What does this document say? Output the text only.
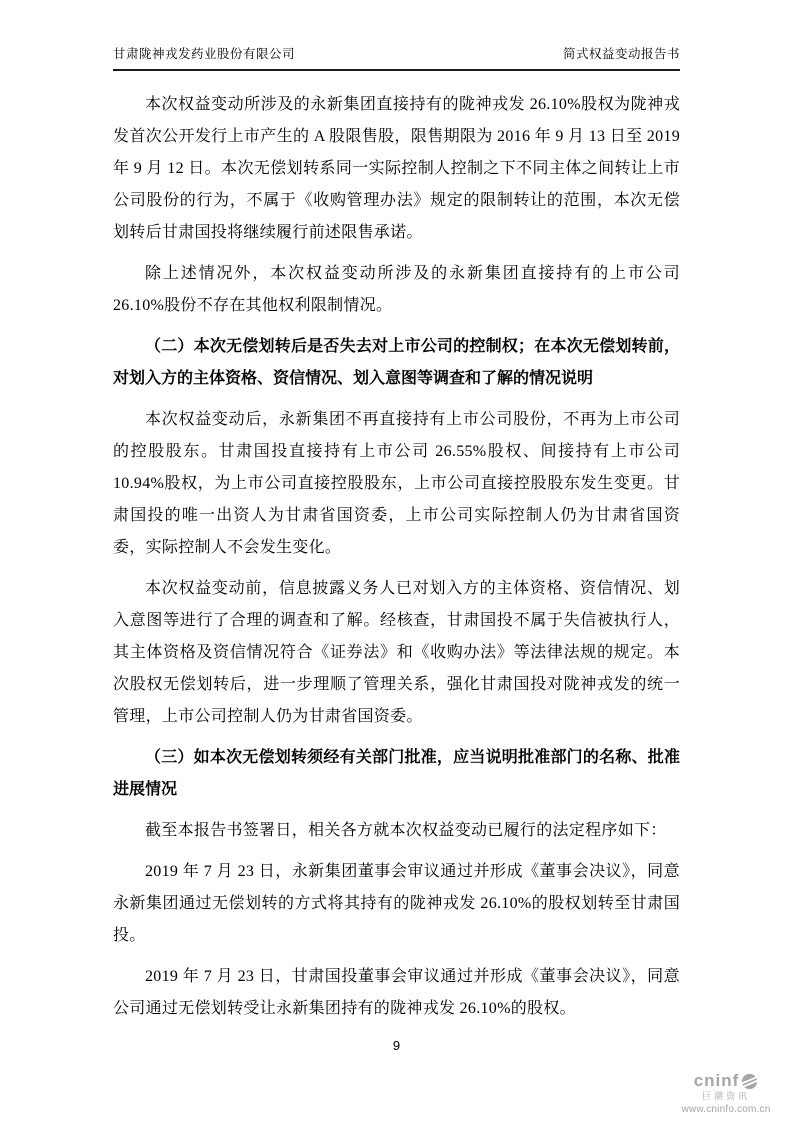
甘肃陇神戎发药业股份有限公司	简式权益变动报告书

本次权益变动所涉及的永新集团直接持有的陇神戎发 26.10%股权为陇神戎发首次公开发行上市产生的 A 股限售股，限售期限为 2016 年 9 月 13 日至 2019 年 9 月 12 日。本次无偿划转系同一实际控制人控制之下不同主体之间转让上市公司股份的行为，不属于《收购管理办法》规定的限制转让的范围，本次无偿划转后甘肃国投将继续履行前述限售承诺。

除上述情况外，本次权益变动所涉及的永新集团直接持有的上市公司 26.10%股份不存在其他权利限制情况。

（二）本次无偿划转后是否失去对上市公司的控制权；在本次无偿划转前，对划入方的主体资格、资信情况、划入意图等调查和了解的情况说明

本次权益变动后，永新集团不再直接持有上市公司股份，不再为上市公司的控股股东。甘肃国投直接持有上市公司 26.55%股权、间接持有上市公司 10.94%股权，为上市公司直接控股股东，上市公司直接控股股东发生变更。甘肃国投的唯一出资人为甘肃省国资委，上市公司实际控制人仍为甘肃省国资委，实际控制人不会发生变化。

本次权益变动前，信息披露义务人已对划入方的主体资格、资信情况、划入意图等进行了合理的调查和了解。经核查，甘肃国投不属于失信被执行人，其主体资格及资信情况符合《证券法》和《收购办法》等法律法规的规定。本次股权无偿划转后，进一步理顺了管理关系，强化甘肃国投对陇神戎发的统一管理，上市公司控制人仍为甘肃省国资委。

（三）如本次无偿划转须经有关部门批准，应当说明批准部门的名称、批准进展情况

截至本报告书签署日，相关各方就本次权益变动已履行的法定程序如下：

2019 年 7 月 23 日，永新集团董事会审议通过并形成《董事会决议》，同意永新集团通过无偿划转的方式将其持有的陇神戎发 26.10%的股权划转至甘肃国投。

2019 年 7 月 23 日，甘肃国投董事会审议通过并形成《董事会决议》，同意公司通过无偿划转受让永新集团持有的陇神戎发 26.10%的股权。

9
cninf
巨潮资讯
www.cninfo.com.cn
